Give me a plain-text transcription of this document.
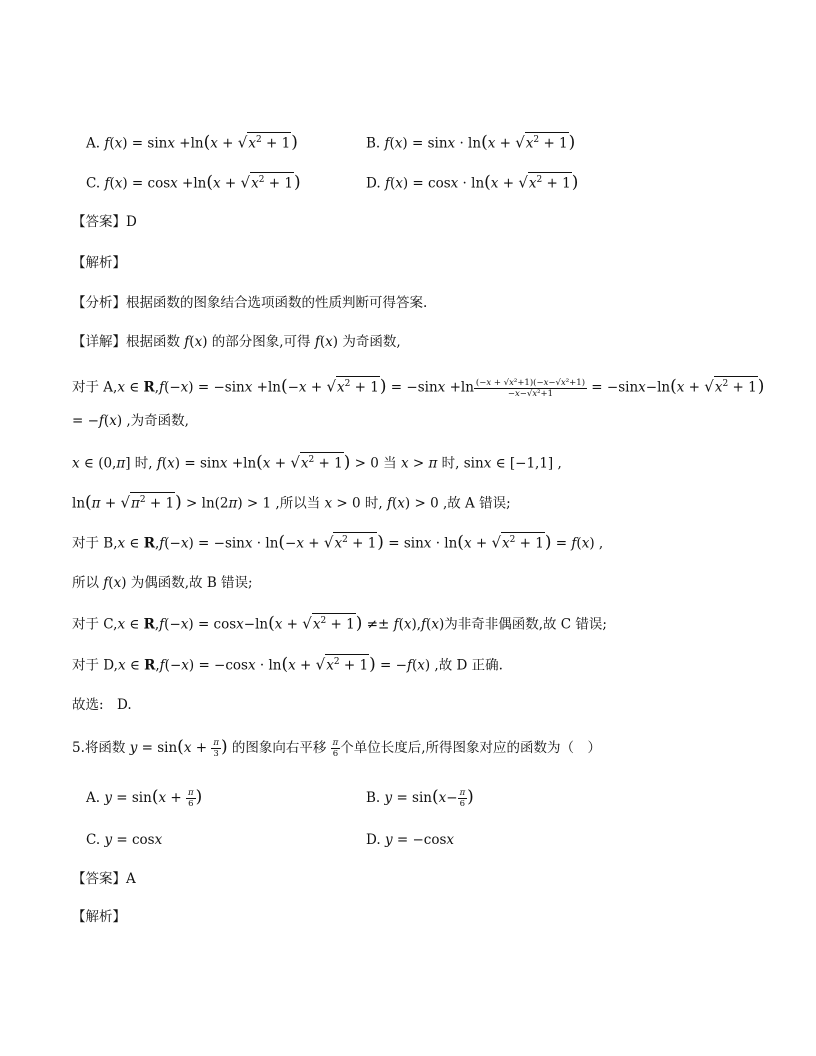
A. $f(x) = \sin x +\ln(x + √x^2 + 1)$	B. $f(x) = \sin x \cdot \ln(x + √x^2 + 1)$
C. $f(x) = \cos x +\ln(x + √x^2 + 1)$	D. $f(x) = \cos x \cdot \ln(x + √x^2 + 1)$
【答案】D
【解析】
【分析】根据函数的图象结合选项函数的性质判断可得答案.
【详解】根据函数 f(x) 的部分图象,可得 f(x) 为奇函数,
对于 A,x ∈ $R,f(-x) = -\sin x +\ln(-x + √x^2 + 1) = -\sin x +\ln \frac{\text{(−x + √x²+1)(−x−√x²+1)}}{\text{−x−√x²+1}} = -\sin x-\ln(x + √x^2 + 1)$
= −f(x) ,为奇函数,
x ∈ (0,π] 时, $f(x) = \sin x +\ln(x + √x^2 + 1) > 0$ 当 x > π 时, sinx ∈ [−1,1] ,
$\ln(\pi + √\pi^2 + 1) > \ln(2\pi) > 1$ ,所以当 x > 0 时, f(x) > 0 ,故 A 错误;
对于 B,x ∈ $R,f(-x) = -\sin x \cdot \ln(-x + √x^2 + 1) = \sin x \cdot \ln(x + √x^2 + 1) = f(x)$ ,
所以 f(x) 为偶函数,故 B 错误;
对于 C,x ∈ $R,f(-x) = \cos x-\ln(x + √x^2 + 1) \ne\pm f(x),f(x)$为非奇非偶函数,故 C 错误;
对于 D,x ∈ $R,f(-x) = -\cos x \cdot \ln(x + √x^2 + 1) = -f(x)$ ,故 D 正确.
故选:　D.
5.将函数 $y = \sin(x + \frac{\pi}{3}$ ) 的图象向右平移 $\frac{\pi}{6}$ 个单位长度后,所得图象对应的函数为（　）
A. $y = \sin(x + \frac{\pi}{6}$ )	B. $y = \sin(x- \frac{\pi}{6}$ )
C. y = cosx	D. y = −cosx
【答案】A
【解析】
